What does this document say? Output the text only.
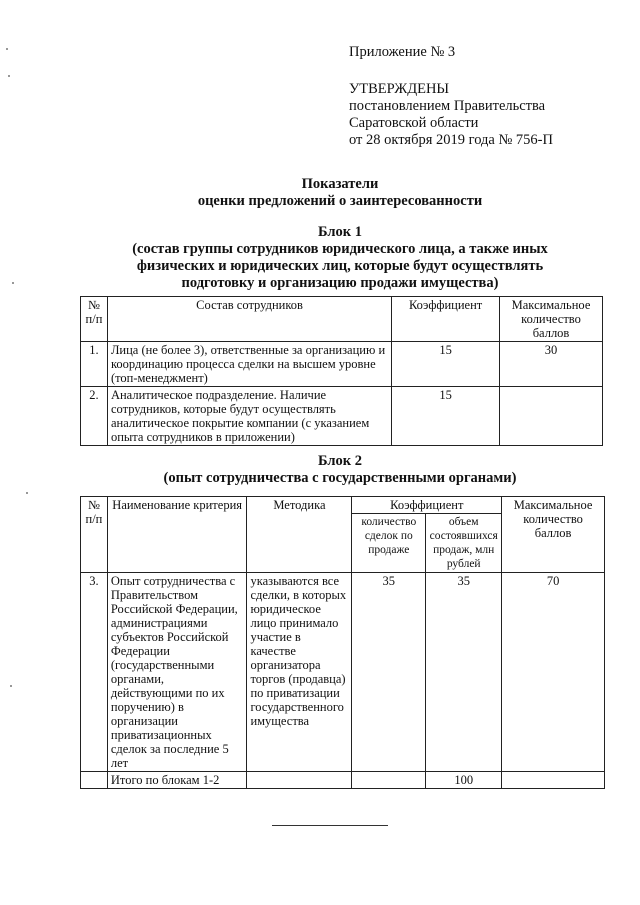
Приложение № 3
УТВЕРЖДЕНЫ
постановлением Правительства
Саратовской области
от 28 октября 2019 года № 756-П
Показатели
оценки предложений о заинтересованности
Блок 1
(состав группы сотрудников юридического лица, а также иных
физических и юридических лиц, которые будут осуществлять
подготовку и организацию продажи имущества)
№ п/п	Состав сотрудников	Коэффициент	Максимальное количество баллов
1.	Лица (не более 3), ответственные за организацию и координацию процесса сделки на высшем уровне (топ-менеджмент)	15	30
2.	Аналитическое подразделение. Наличие сотрудников, которые будут осуществлять аналитическое покрытие компании (с указанием опыта сотрудников в приложении)	15	
Блок 2
(опыт сотрудничества с государственными органами)
№ п/п	Наименование критерия	Методика	Коэффициент		Максимальное количество баллов
			количество сделок по продаже	объем состоявшихся продаж, млн рублей	
3.	Опыт сотрудничества с Правительством Российской Федерации, администрациями субъектов Российской Федерации (государственными органами, действующими по их поручению) в организации приватизационных сделок за последние 5 лет	указываются все сделки, в которых юридическое лицо принимало участие в качестве организатора торгов (продавца) по приватизации государственного имущества	35	35	70
	Итого по блокам 1-2			100	
